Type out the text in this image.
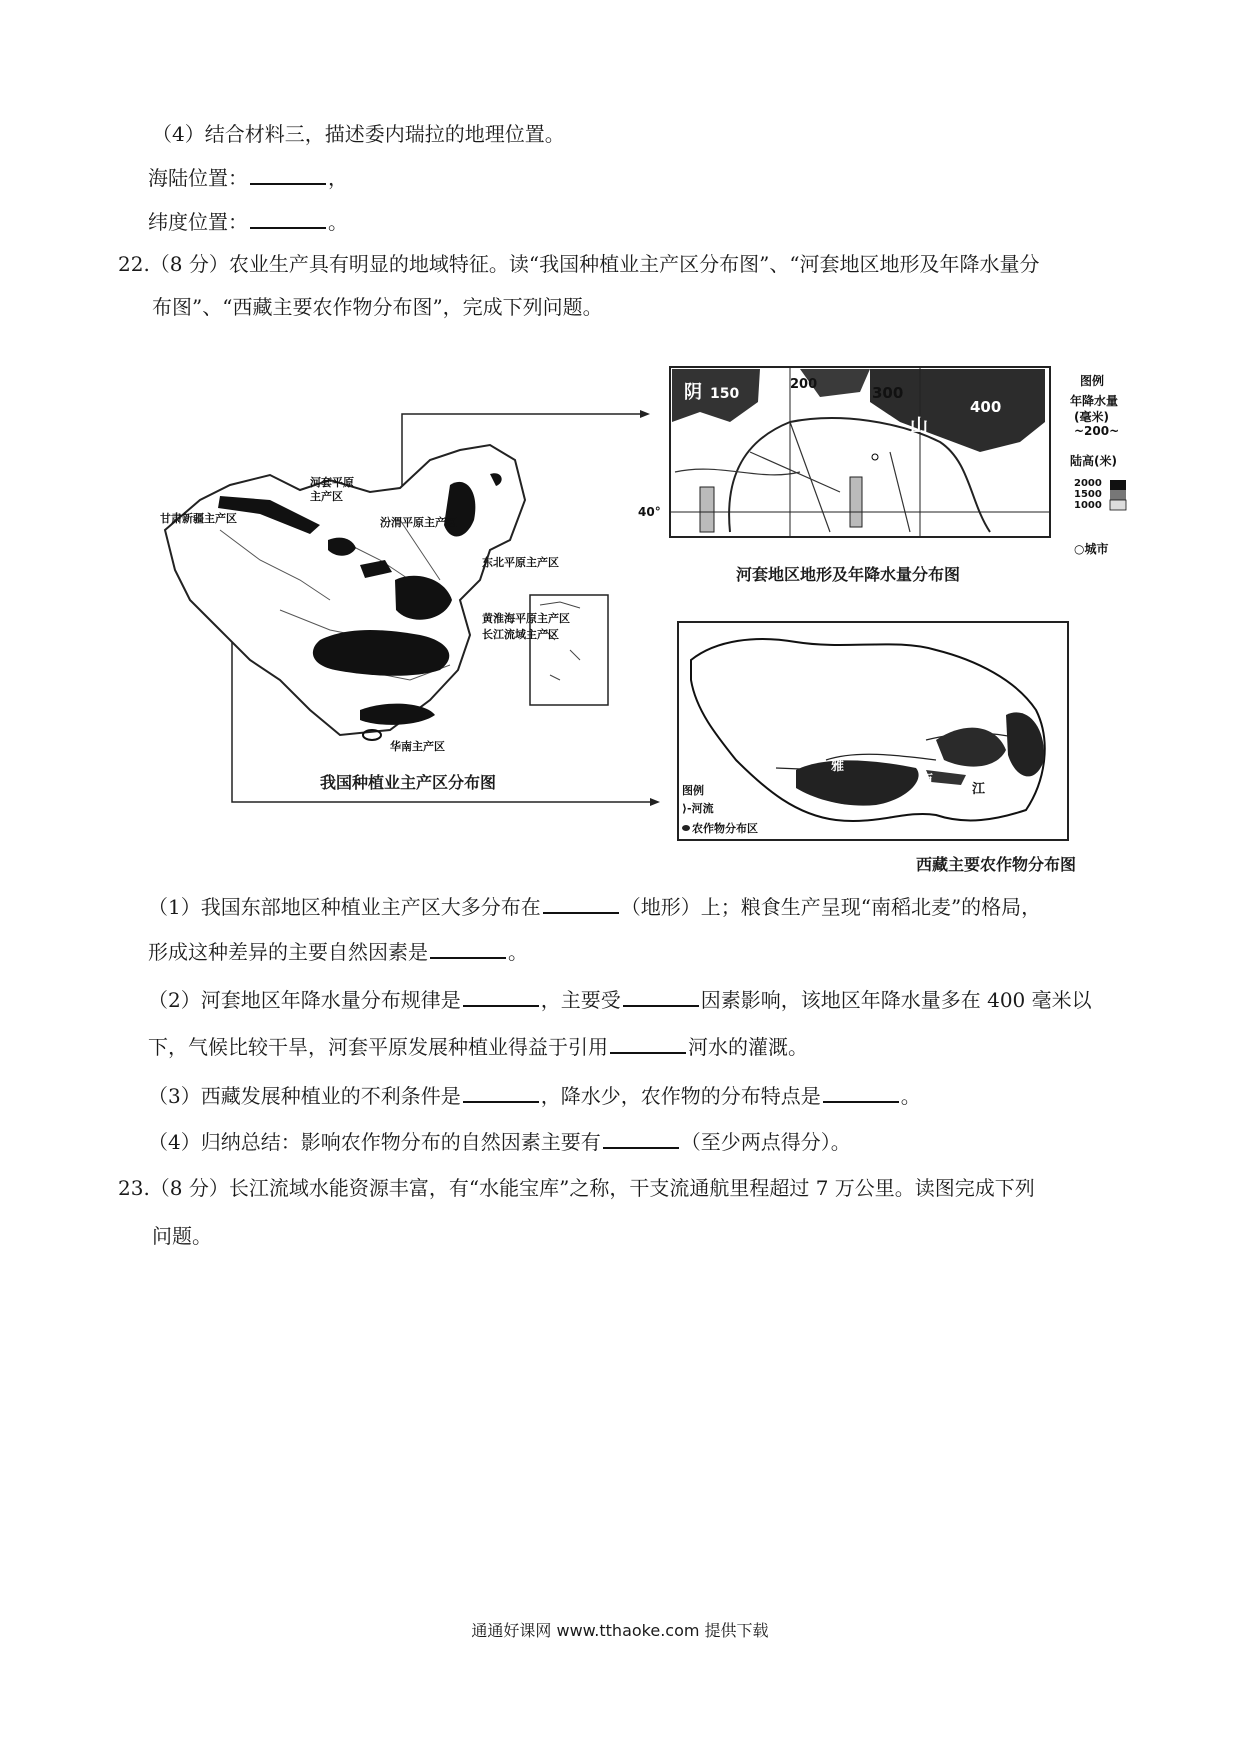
（4）结合材料三，描述委内瑞拉的地理位置。
海陆位置：	，
纬度位置：	。
22.（8 分）农业生产具有明显的地域特征。读“我国种植业主产区分布图”、“河套地区地形及年降水量分
布图”、“西藏主要农作物分布图”，完成下列问题。
河套平原
主产区
甘肃新疆主产区	汾渭平原主产区
东北平原主产区
黄淮海平原主产区
长江流域主产区
华南主产区
我国种植业主产区分布图
阴
山
150
200	300
400
包头
40°
图例
年降水量
(毫米)
~200~
陆高(米)
2000
1500
1000
○城市
河套地区地形及年降水量分布图
雅
布
江
图例
⟩-河流
农作物分布区
西藏主要农作物分布图
（1）我国东部地区种植业主产区大多分布在	（地形）上；粮食生产呈现“南稻北麦”的格局，
形成这种差异的主要自然因素是	。
（2）河套地区年降水量分布规律是	，主要受	因素影响，该地区年降水量多在 400 毫米以
下，气候比较干旱，河套平原发展种植业得益于引用	河水的灌溉。
（3）西藏发展种植业的不利条件是	，降水少，农作物的分布特点是	。
（4）归纳总结：影响农作物分布的自然因素主要有	（至少两点得分）。
23.（8 分）长江流域水能资源丰富，有“水能宝库”之称，干支流通航里程超过 7 万公里。读图完成下列
问题。
通通好课网 www.tthaoke.com 提供下载
